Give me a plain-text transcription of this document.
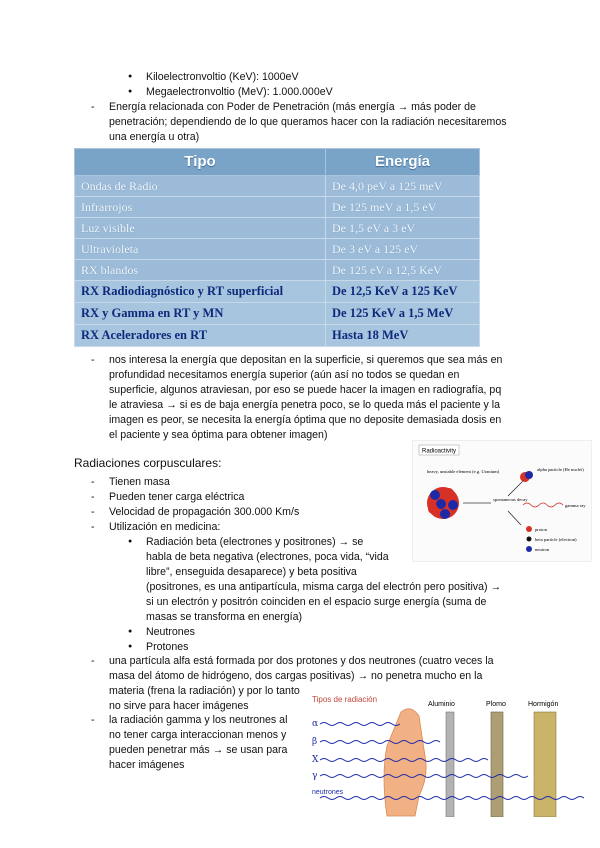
● Kiloelectronvoltio (KeV): 1000eV
● Megaelectronvoltio (MeV): 1.000.000eV
- Energía relacionada con Poder de Penetración (más energía → más poder de
penetración; dependiendo de lo que queramos hacer con la radiación necesitaremos
una energía u otra)
Tipo	Energía
Ondas de Radio	De 4,0 peV a 125 meV
Infrarrojos	De 125 meV a 1,5 eV
Luz visible	De 1,5 eV a 3 eV
Ultravioleta	De 3 eV a 125 eV
RX blandos	De 125 eV a 12,5 KeV
RX Radiodiagnóstico y RT superficial	De 12,5 KeV a 125 KeV
RX y Gamma en RT y MN	De 125 KeV a 1,5 MeV
RX Aceleradores en RT	Hasta 18 MeV
- nos interesa la energía que depositan en la superficie, si queremos que sea más en
profundidad necesitamos energía superior (aún así no todos se quedan en
superficie, algunos atraviesan, por eso se puede hacer la imagen en radiografía, pq
le atraviesa → si es de baja energía penetra poco, se lo queda más el paciente y la
imagen es peor, se necesita la energía óptima que no deposite demasiada dosis en
el paciente y sea óptima para obtener imagen)
Radiaciones corpusculares:
- Tienen masa
- Pueden tener carga eléctrica
- Velocidad de propagación 300.000 Km/s
- Utilización en medicina:
● Radiación beta (electrones y positrones) → se
habla de beta negativa (electrones, poca vida, “vida
libre”, enseguida desaparece) y beta positiva
(positrones, es una antipartícula, misma carga del electrón pero positiva) →
si un electrón y positrón coinciden en el espacio surge energía (suma de
masas se transforma en energía)
● Neutrones
● Protones
- una partícula alfa está formada por dos protones y dos neutrones (cuatro veces la
masa del átomo de hidrógeno, dos cargas positivas) → no penetra mucho en la
materia (frena la radiación) y por lo tanto
no sirve para hacer imágenes
- la radiación gamma y los neutrones al
no tener carga interaccionan menos y
pueden penetrar más → se usan para
hacer imágenes
Radioactivity
heavy, unstable element (e.g. Uranium)
spontaneous decay
alpha particle (He nuclei)
gamma ray
proton
beta particle (electron)
neutron
Tipos de radiación
Aluminio	Plomo	Hormigón
α
β
X
γ
neutrones
